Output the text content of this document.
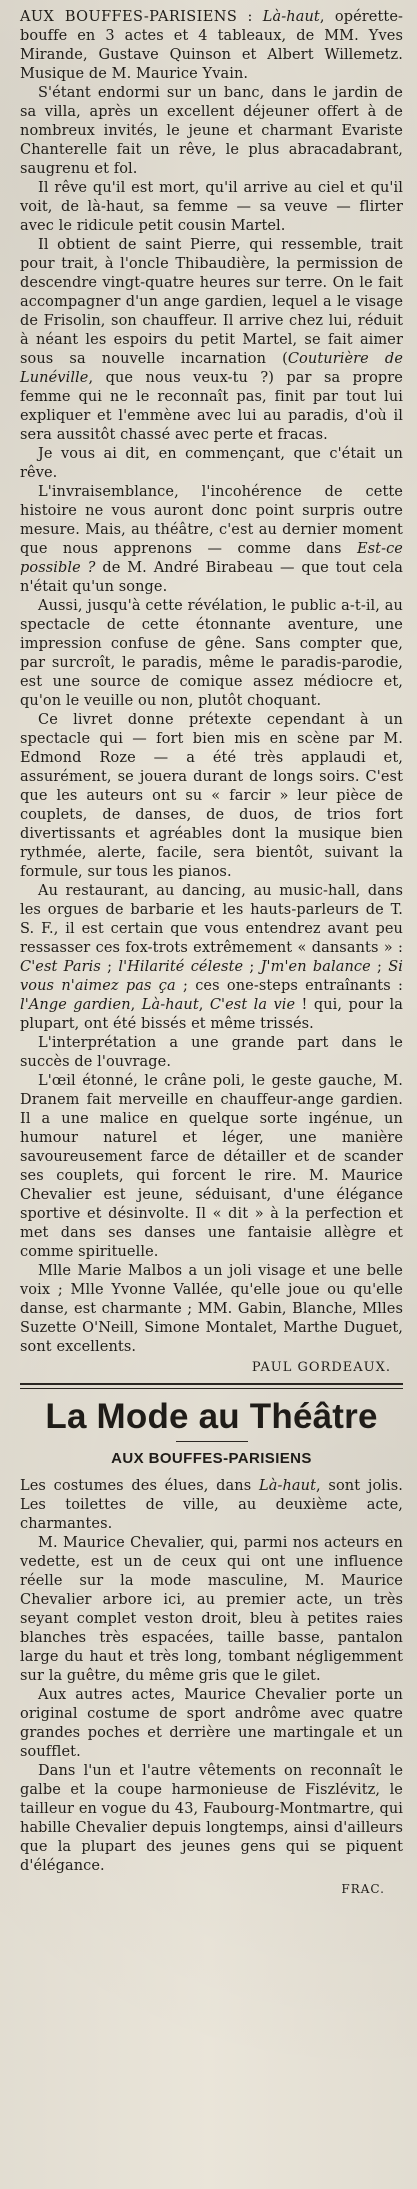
AUX BOUFFES-PARISIENS : Là-haut, opérette-bouffe en 3 actes et 4 tableaux, de MM. Yves Mirande, Gustave Quinson et Albert Willemetz. Musique de M. Maurice Yvain.

S'étant endormi sur un banc, dans le jardin de sa villa, après un excellent déjeuner offert à de nombreux invités, le jeune et charmant Evariste Chanterelle fait un rêve, le plus abracadabrant, saugrenu et fol.

Il rêve qu'il est mort, qu'il arrive au ciel et qu'il voit, de là-haut, sa femme — sa veuve — flirter avec le ridicule petit cousin Martel.

Il obtient de saint Pierre, qui ressemble, trait pour trait, à l'oncle Thibaudière, la permission de descendre vingt-quatre heures sur terre. On le fait accompagner d'un ange gardien, lequel a le visage de Frisolin, son chauffeur. Il arrive chez lui, réduit à néant les espoirs du petit Martel, se fait aimer sous sa nouvelle incarnation (Couturière de Lunéville, que nous veux-tu ?) par sa propre femme qui ne le reconnaît pas, finit par tout lui expliquer et l'emmène avec lui au paradis, d'où il sera aussitôt chassé avec perte et fracas.

Je vous ai dit, en commençant, que c'était un rêve.

L'invraisemblance, l'incohérence de cette histoire ne vous auront donc point surpris outre mesure. Mais, au théâtre, c'est au dernier moment que nous apprenons — comme dans Est-ce possible ? de M. André Birabeau — que tout cela n'était qu'un songe.

Aussi, jusqu'à cette révélation, le public a-t-il, au spectacle de cette étonnante aventure, une impression confuse de gêne. Sans compter que, par surcroît, le paradis, même le paradis-parodie, est une source de comique assez médiocre et, qu'on le veuille ou non, plutôt choquant.

Ce livret donne prétexte cependant à un spectacle qui — fort bien mis en scène par M. Edmond Roze — a été très applaudi et, assurément, se jouera durant de longs soirs. C'est que les auteurs ont su « farcir » leur pièce de couplets, de danses, de duos, de trios fort divertissants et agréables dont la musique bien rythmée, alerte, facile, sera bientôt, suivant la formule, sur tous les pianos.

Au restaurant, au dancing, au music-hall, dans les orgues de barbarie et les hauts-parleurs de T. S. F., il est certain que vous entendrez avant peu ressasser ces fox-trots extrêmement « dansants » : C'est Paris ; l'Hilarité céleste ; J'm'en balance ; Si vous n'aimez pas ça ; ces one-steps entraînants : l'Ange gardien, Là-haut, C'est la vie ! qui, pour la plupart, ont été bissés et même trissés.

L'interprétation a une grande part dans le succès de l'ouvrage.

L'œil étonné, le crâne poli, le geste gauche, M. Dranem fait merveille en chauffeur-ange gardien. Il a une malice en quelque sorte ingénue, un humour naturel et léger, une manière savoureusement farce de détailler et de scander ses couplets, qui forcent le rire. M. Maurice Chevalier est jeune, séduisant, d'une élégance sportive et désinvolte. Il « dit » à la perfection et met dans ses danses une fantaisie allègre et comme spirituelle.

Mlle Marie Malbos a un joli visage et une belle voix ; Mlle Yvonne Vallée, qu'elle joue ou qu'elle danse, est charmante ; MM. Gabin, Blanche, Mlles Suzette O'Neill, Simone Montalet, Marthe Duguet, sont excellents.

PAUL GORDEAUX.
La Mode au Théâtre
AUX BOUFFES-PARISIENS

Les costumes des élues, dans Là-haut, sont jolis. Les toilettes de ville, au deuxième acte, charmantes.

M. Maurice Chevalier, qui, parmi nos acteurs en vedette, est un de ceux qui ont une influence réelle sur la mode masculine, M. Maurice Chevalier arbore ici, au premier acte, un très seyant complet veston droit, bleu à petites raies blanches très espacées, taille basse, pantalon large du haut et très long, tombant négligemment sur la guêtre, du même gris que le gilet.

Aux autres actes, Maurice Chevalier porte un original costume de sport andrôme avec quatre grandes poches et derrière une martingale et un soufflet.

Dans l'un et l'autre vêtements on reconnaît le galbe et la coupe harmonieuse de Fiszlévitz, le tailleur en vogue du 43, Faubourg-Montmartre, qui habille Chevalier depuis longtemps, ainsi d'ailleurs que la plupart des jeunes gens qui se piquent d'élégance.

FRAC.
